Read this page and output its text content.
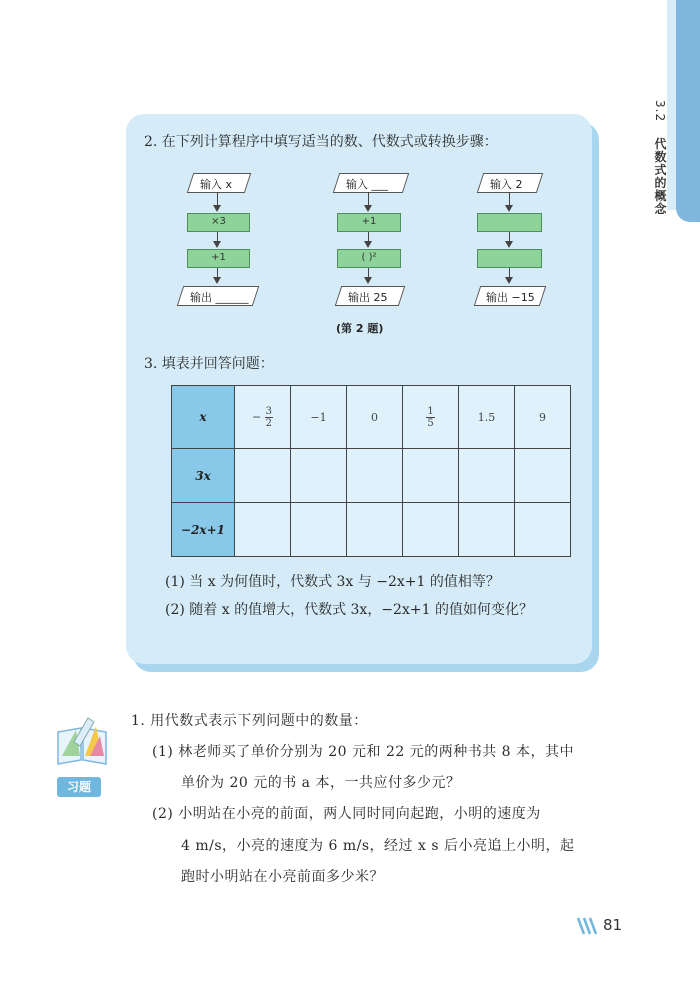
3.2 代数式的概念
2. 在下列计算程序中填写适当的数、代数式或转换步骤：
输入 x
×3
+1
输出 ______
输入 ___
+1
( )²
输出 25
输入 2
输出 −15
(第 2 题)
3. 填表并回答问题：
x	− $\frac{3}{2}$	−1	0	$\frac{1}{5}$	1.5	9
3x						
−2x+1						
(1) 当 x 为何值时，代数式 3x 与 −2x+1 的值相等？
(2) 随着 x 的值增大，代数式 3x，−2x+1 的值如何变化？
习题
1. 用代数式表示下列问题中的数量：
(1) 林老师买了单价分别为 20 元和 22 元的两种书共 8 本，其中
单价为 20 元的书 a 本，一共应付多少元？
(2) 小明站在小亮的前面，两人同时同向起跑，小明的速度为
4 m/s，小亮的速度为 6 m/s，经过 x s 后小亮追上小明，起
跑时小明站在小亮前面多少米？
81
